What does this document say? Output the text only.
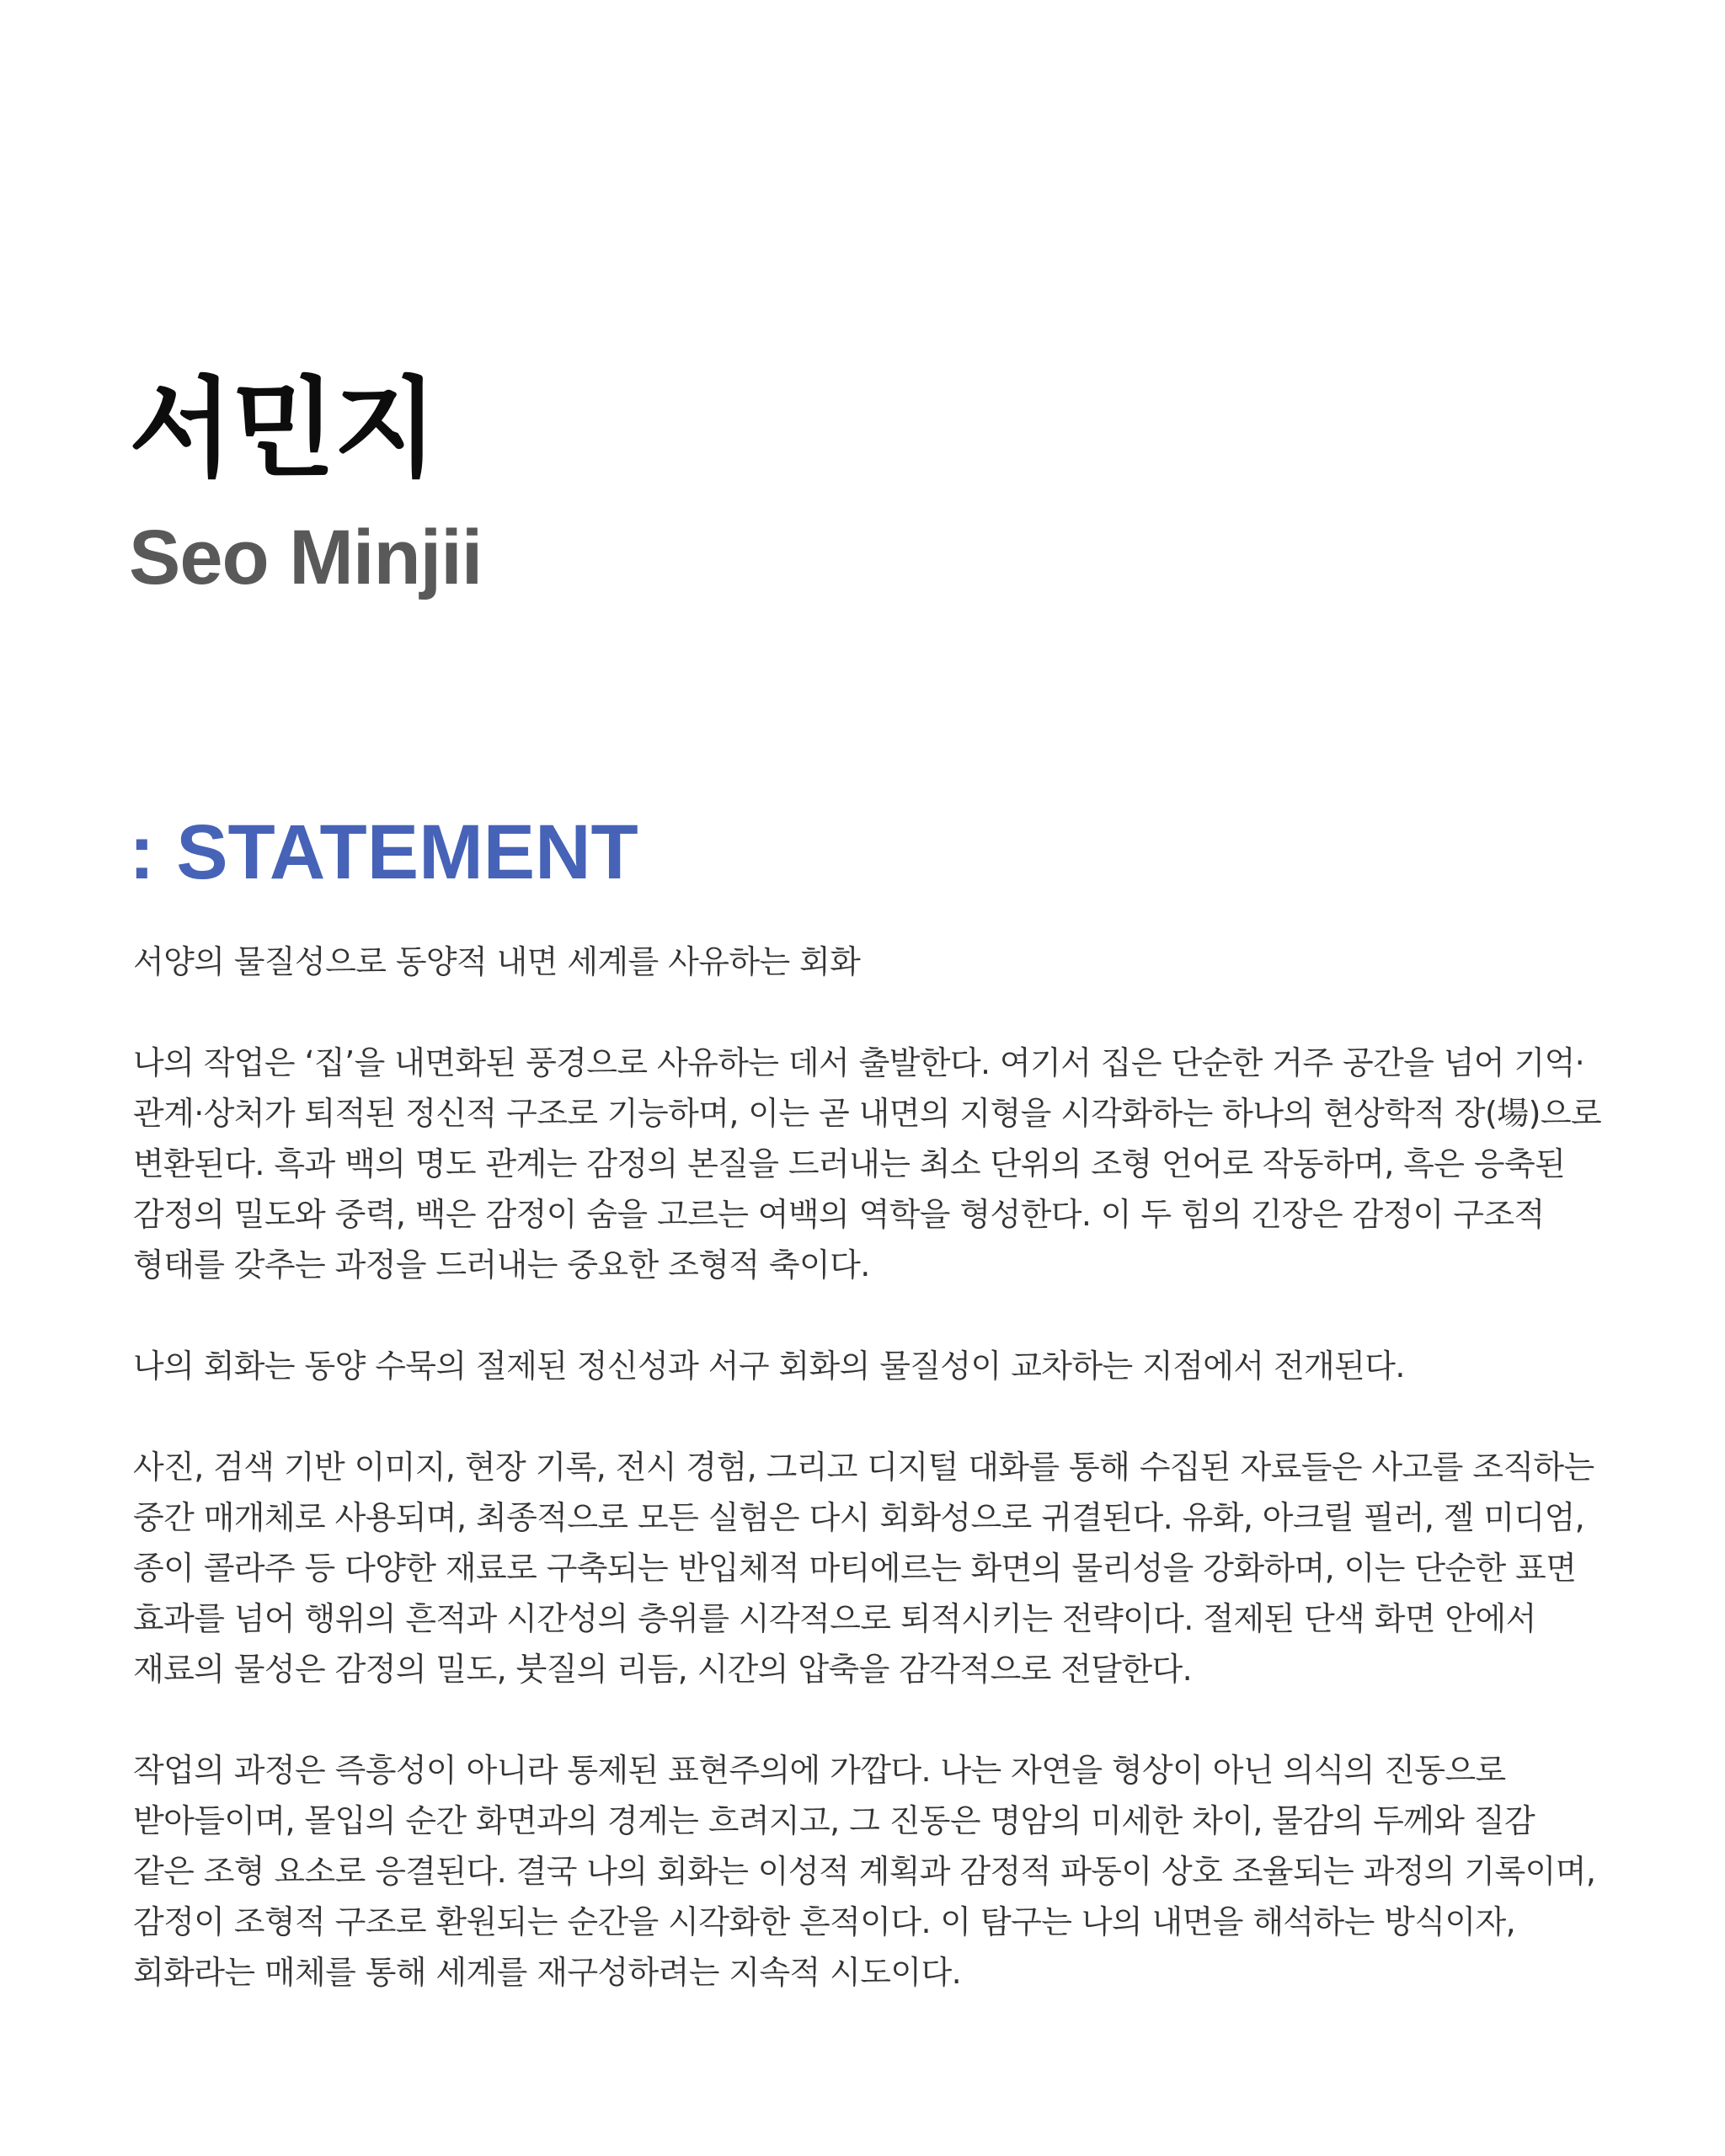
서민지
Seo Minjii
: STATEMENT

서양의 물질성으로 동양적 내면 세계를 사유하는 회화

나의 작업은 ‘집’을 내면화된 풍경으로 사유하는 데서 출발한다. 여기서 집은 단순한 거주 공간을 넘어 기억·관계·상처가 퇴적된 정신적 구조로 기능하며, 이는 곧 내면의 지형을 시각화하는 하나의 현상학적 장(場)으로 변환된다. 흑과 백의 명도 관계는 감정의 본질을 드러내는 최소 단위의 조형 언어로 작동하며, 흑은 응축된 감정의 밀도와 중력, 백은 감정이 숨을 고르는 여백의 역학을 형성한다. 이 두 힘의 긴장은 감정이 구조적 형태를 갖추는 과정을 드러내는 중요한 조형적 축이다.

나의 회화는 동양 수묵의 절제된 정신성과 서구 회화의 물질성이 교차하는 지점에서 전개된다.

사진, 검색 기반 이미지, 현장 기록, 전시 경험, 그리고 디지털 대화를 통해 수집된 자료들은 사고를 조직하는 중간 매개체로 사용되며, 최종적으로 모든 실험은 다시 회화성으로 귀결된다. 유화, 아크릴 필러, 젤 미디엄, 종이 콜라주 등 다양한 재료로 구축되는 반입체적 마티에르는 화면의 물리성을 강화하며, 이는 단순한 표면 효과를 넘어 행위의 흔적과 시간성의 층위를 시각적으로 퇴적시키는 전략이다. 절제된 단색 화면 안에서 재료의 물성은 감정의 밀도, 붓질의 리듬, 시간의 압축을 감각적으로 전달한다.

작업의 과정은 즉흥성이 아니라 통제된 표현주의에 가깝다. 나는 자연을 형상이 아닌 의식의 진동으로 받아들이며, 몰입의 순간 화면과의 경계는 흐려지고, 그 진동은 명암의 미세한 차이, 물감의 두께와 질감 같은 조형 요소로 응결된다. 결국 나의 회화는 이성적 계획과 감정적 파동이 상호 조율되는 과정의 기록이며, 감정이 조형적 구조로 환원되는 순간을 시각화한 흔적이다. 이 탐구는 나의 내면을 해석하는 방식이자, 회화라는 매체를 통해 세계를 재구성하려는 지속적 시도이다.
